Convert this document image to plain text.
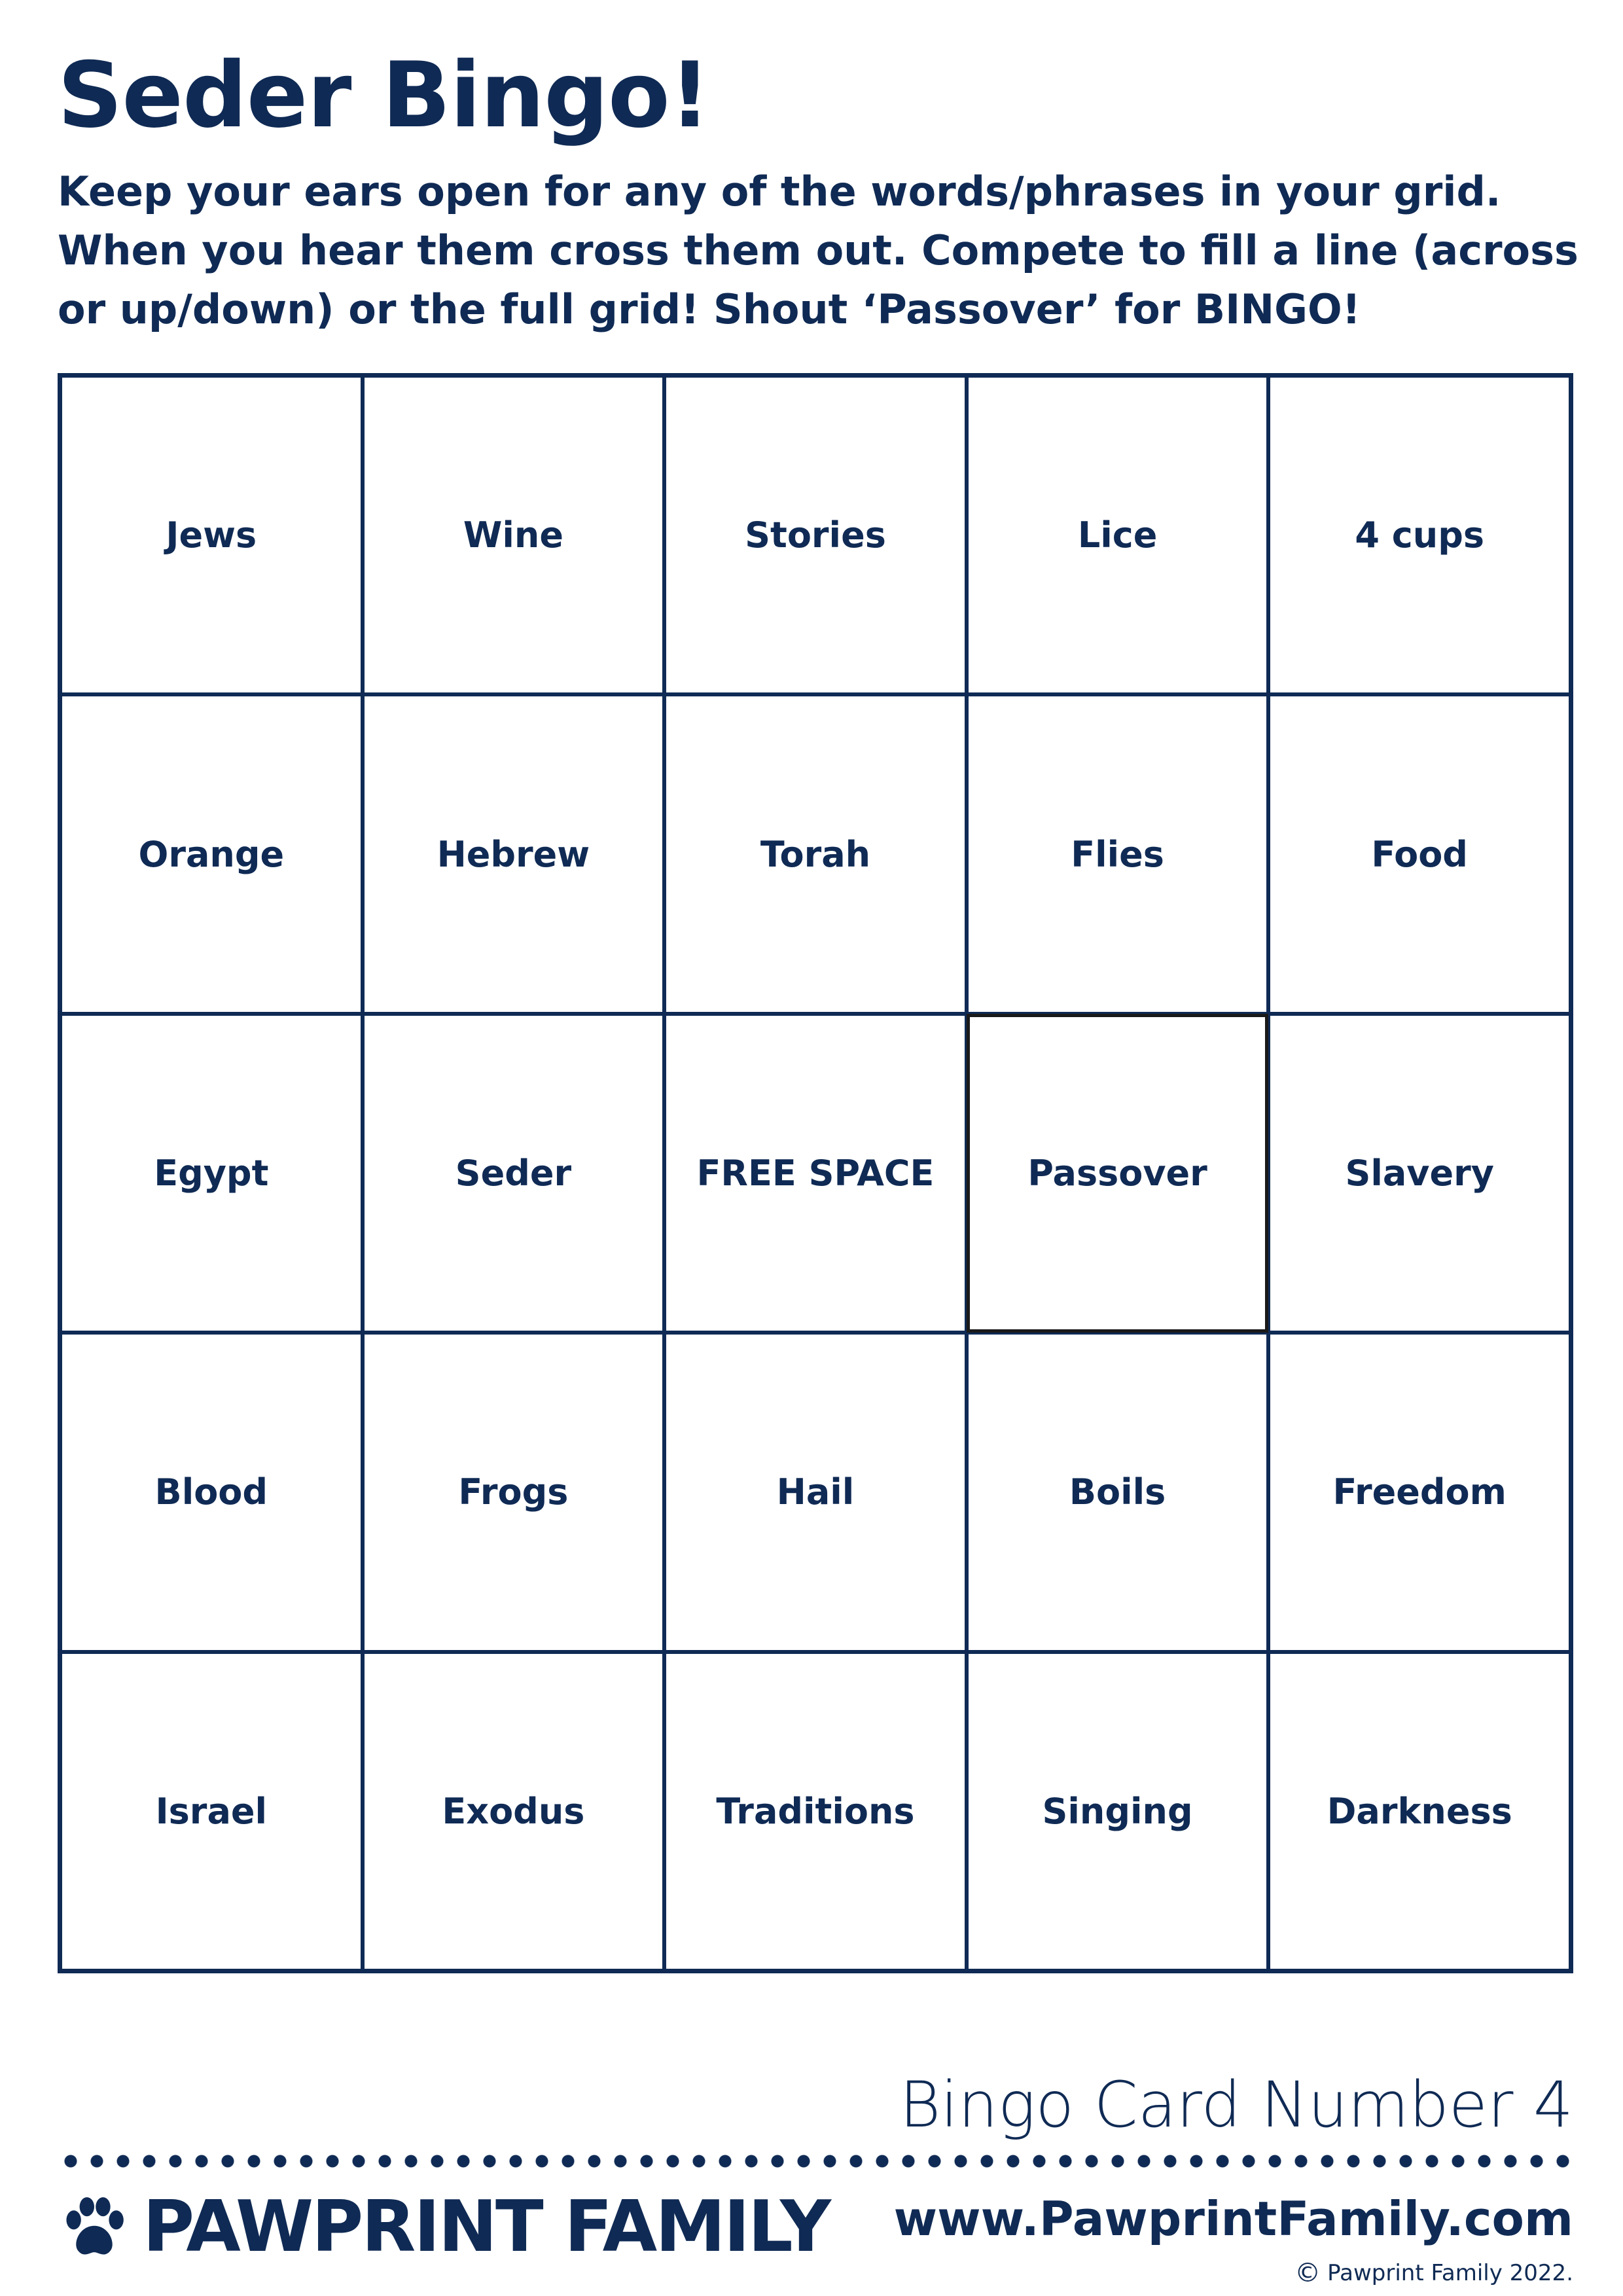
Seder Bingo!

Keep your ears open for any of the words/phrases in your grid. When you hear them cross them out. Compete to fill a line (across or up/down) or the full grid! Shout ‘Passover’ for BINGO!

Jews	Wine	Stories	Lice	4 cups
Orange	Hebrew	Torah	Flies	Food
Egypt	Seder	FREE SPACE	Passover	Slavery
Blood	Frogs	Hail	Boils	Freedom
Israel	Exodus	Traditions	Singing	Darkness
Bingo Card Number 4
PAWPRINT FAMILY www.PawprintFamily.com
© Pawprint Family 2022.
